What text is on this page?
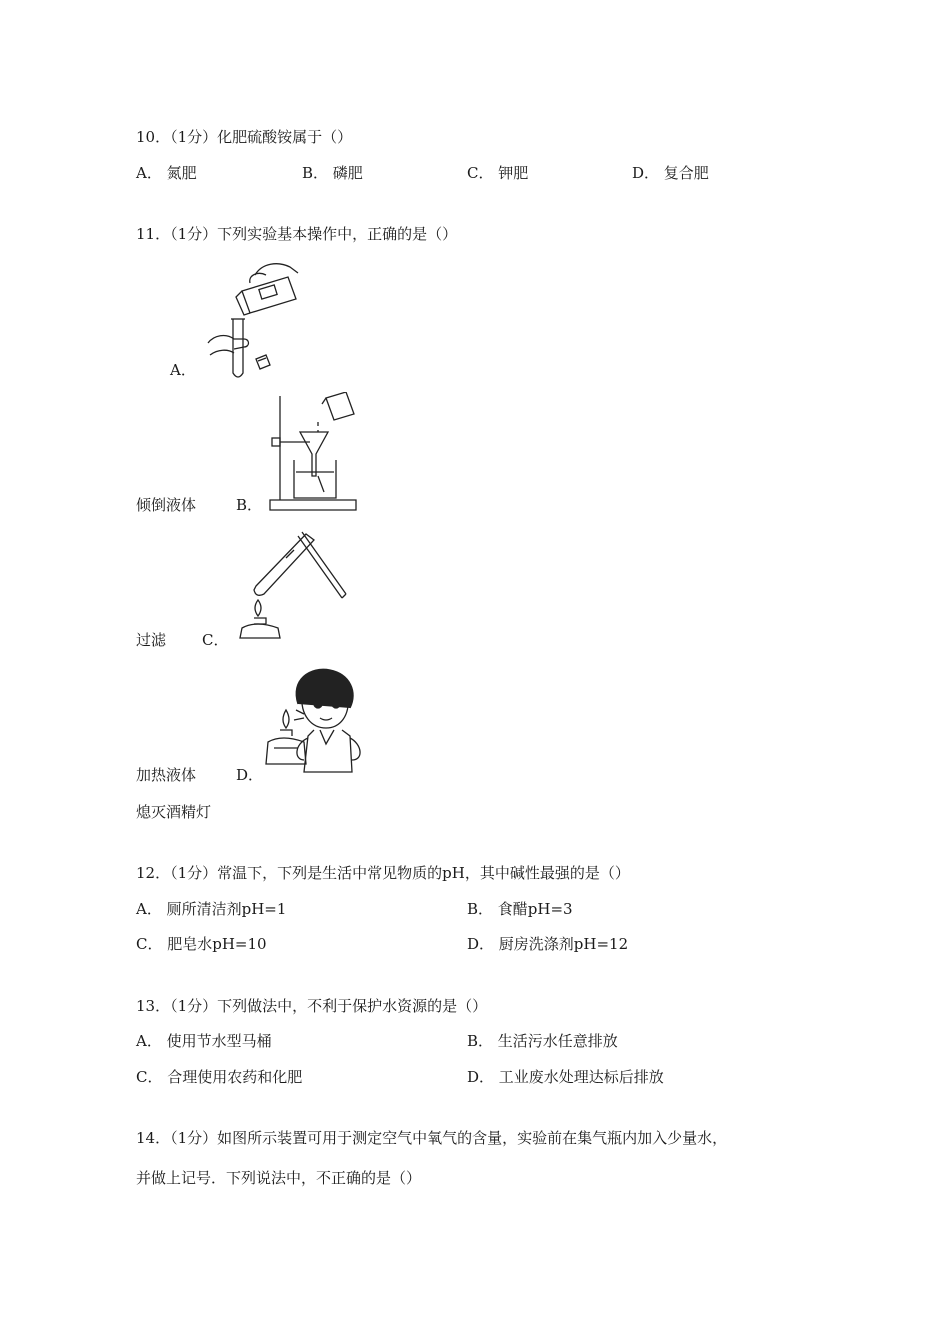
10．（1分）化肥硫酸铵属于（）
A． 氮肥	B． 磷肥	C． 钾肥	D． 复合肥
11．（1分）下列实验基本操作中，正确的是（）
A．
倾倒液体	B．
过滤 C．
加热液体	D．
熄灭酒精灯
12．（1分）常温下，下列是生活中常见物质的pH，其中碱性最强的是（）
A． 厕所清洁剂pH=1	B． 食醋pH=3
C． 肥皂水pH=10	D． 厨房洗涤剂pH=12
13．（1分）下列做法中，不利于保护水资源的是（）
A． 使用节水型马桶	B． 生活污水任意排放
C． 合理使用农药和化肥	D． 工业废水处理达标后排放
14．（1分）如图所示装置可用于测定空气中氧气的含量，实验前在集气瓶内加入少量水，
并做上记号．下列说法中，不正确的是（）
